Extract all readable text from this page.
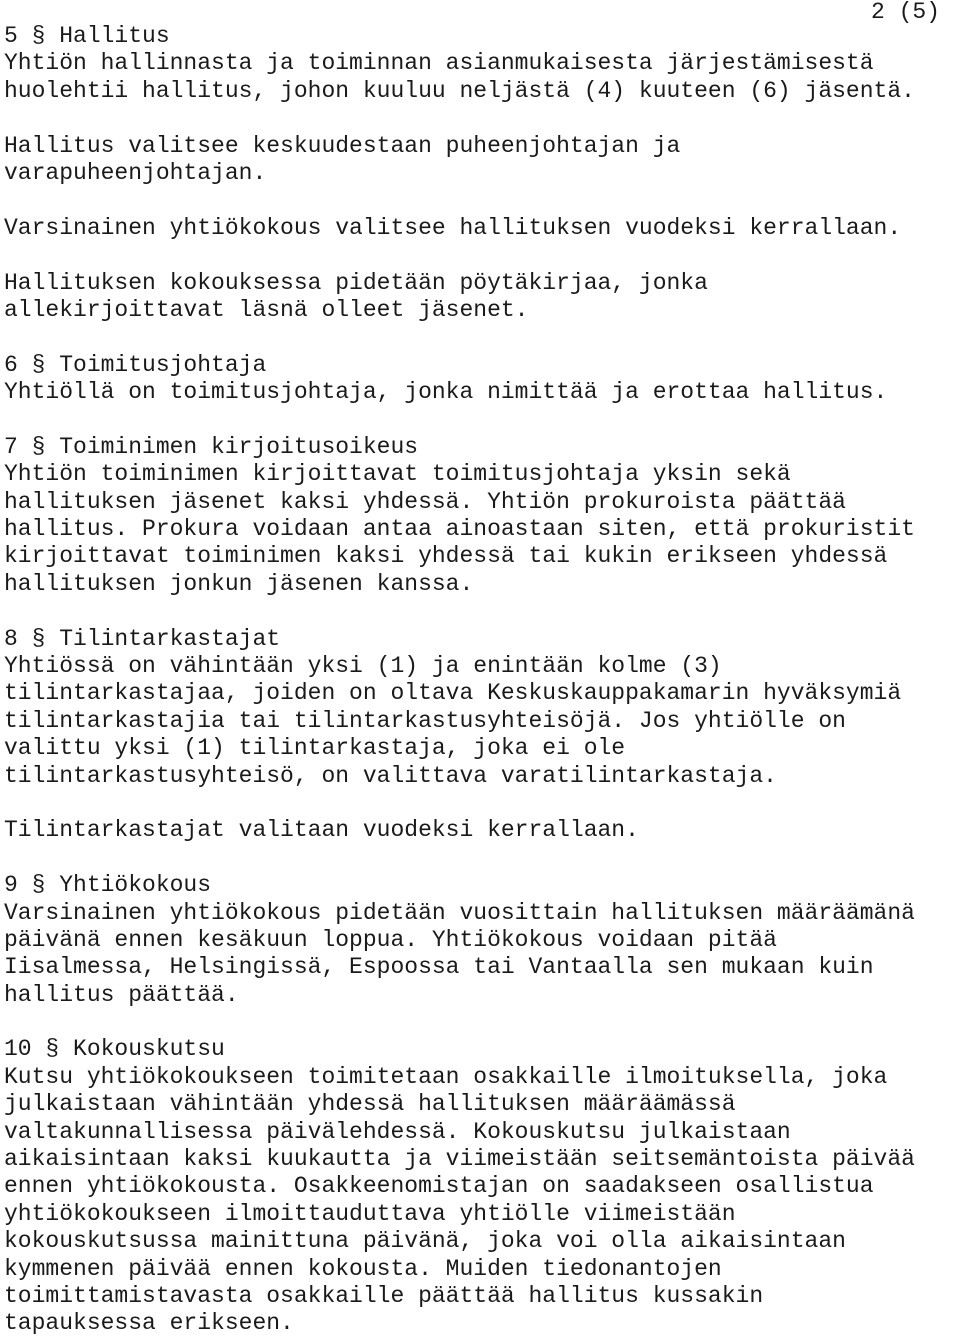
2 (5)
5 § Hallitus
Yhtiön hallinnasta ja toiminnan asianmukaisesta järjestämisestä
huolehtii hallitus, johon kuuluu neljästä (4) kuuteen (6) jäsentä.
Hallitus valitsee keskuudestaan puheenjohtajan ja
varapuheenjohtajan.
Varsinainen yhtiökokous valitsee hallituksen vuodeksi kerrallaan.
Hallituksen kokouksessa pidetään pöytäkirjaa, jonka
allekirjoittavat läsnä olleet jäsenet.
6 § Toimitusjohtaja
Yhtiöllä on toimitusjohtaja, jonka nimittää ja erottaa hallitus.
7 § Toiminimen kirjoitusoikeus
Yhtiön toiminimen kirjoittavat toimitusjohtaja yksin sekä
hallituksen jäsenet kaksi yhdessä. Yhtiön prokuroista päättää
hallitus. Prokura voidaan antaa ainoastaan siten, että prokuristit
kirjoittavat toiminimen kaksi yhdessä tai kukin erikseen yhdessä
hallituksen jonkun jäsenen kanssa.
8 § Tilintarkastajat
Yhtiössä on vähintään yksi (1) ja enintään kolme (3)
tilintarkastajaa, joiden on oltava Keskuskauppakamarin hyväksymiä
tilintarkastajia tai tilintarkastusyhteisöjä. Jos yhtiölle on
valittu yksi (1) tilintarkastaja, joka ei ole
tilintarkastusyhteisö, on valittava varatilintarkastaja.
Tilintarkastajat valitaan vuodeksi kerrallaan.
9 § Yhtiökokous
Varsinainen yhtiökokous pidetään vuosittain hallituksen määräämänä
päivänä ennen kesäkuun loppua. Yhtiökokous voidaan pitää
Iisalmessa, Helsingissä, Espoossa tai Vantaalla sen mukaan kuin
hallitus päättää.
10 § Kokouskutsu
Kutsu yhtiökokoukseen toimitetaan osakkaille ilmoituksella, joka
julkaistaan vähintään yhdessä hallituksen määräämässä
valtakunnallisessa päivälehdessä. Kokouskutsu julkaistaan
aikaisintaan kaksi kuukautta ja viimeistään seitsemäntoista päivää
ennen yhtiökokousta. Osakkeenomistajan on saadakseen osallistua
yhtiökokoukseen ilmoittauduttava yhtiölle viimeistään
kokouskutsussa mainittuna päivänä, joka voi olla aikaisintaan
kymmenen päivää ennen kokousta. Muiden tiedonantojen
toimittamistavasta osakkaille päättää hallitus kussakin
tapauksessa erikseen.
